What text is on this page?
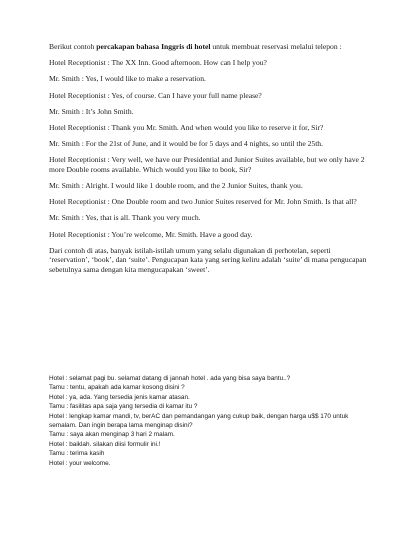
Berikut contoh percakapan bahasa Inggris di hotel untuk membuat reservasi melalui telepon :

Hotel Receptionist : The XX Inn. Good afternoon. How can I help you?

Mr. Smith : Yes, I would like to make a reservation.

Hotel Receptionist : Yes, of course. Can I have your full name please?

Mr. Smith : It’s John Smith.

Hotel Receptionist : Thank you Mr. Smith. And when would you like to reserve it for, Sir?

Mr. Smith : For the 21st of June, and it would be for 5 days and 4 nights, so until the 25th.

Hotel Receptionist : Very well, we have our Presidential and Junior Suites available, but we only have 2 more Double rooms available. Which would you like to book, Sir?

Mr. Smith : Alright. I would like 1 double room, and the 2 Junior Suites, thank you.

Hotel Receptionist : One Double room and two Junior Suites reserved for Mr. John Smith. Is that all?

Mr. Smith : Yes, that is all. Thank you very much.

Hotel Receptionist : You’re welcome, Mr. Smith. Have a good day.

Dari contoh di atas, banyak istilah-istilah umum yang selalu digunakan di perhotelan, seperti ‘reservation’, ‘book’, dan ‘suite’. Pengucapan kata yang sering keliru adalah ‘suite’ di mana pengucapan sebetulnya sama dengan kita mengucapakan ‘sweet’.

Hotel : selamat pagi bu. selamat datang di jannah hotel . ada yang bisa saya bantu..?

Tamu : tentu, apakah ada kamar kosong disini ?

Hotel : ya, ada. Yang tersedia jenis kamar atasan.

Tamu : fasilitas apa saja yang tersedia di kamar itu ?

Hotel : lengkap kamar mandi, tv, berAC dan pemandangan yang cukup baik, dengan harga u$$ 170 untuk semalam. Dan ingin berapa lama menginap disini?

Tamu : saya akan menginap 3 hari 2 malam.

Hotel : baiklah. silakan diisi formulir ini.!

Tamu : terima kasih

Hotel : your welcome.
